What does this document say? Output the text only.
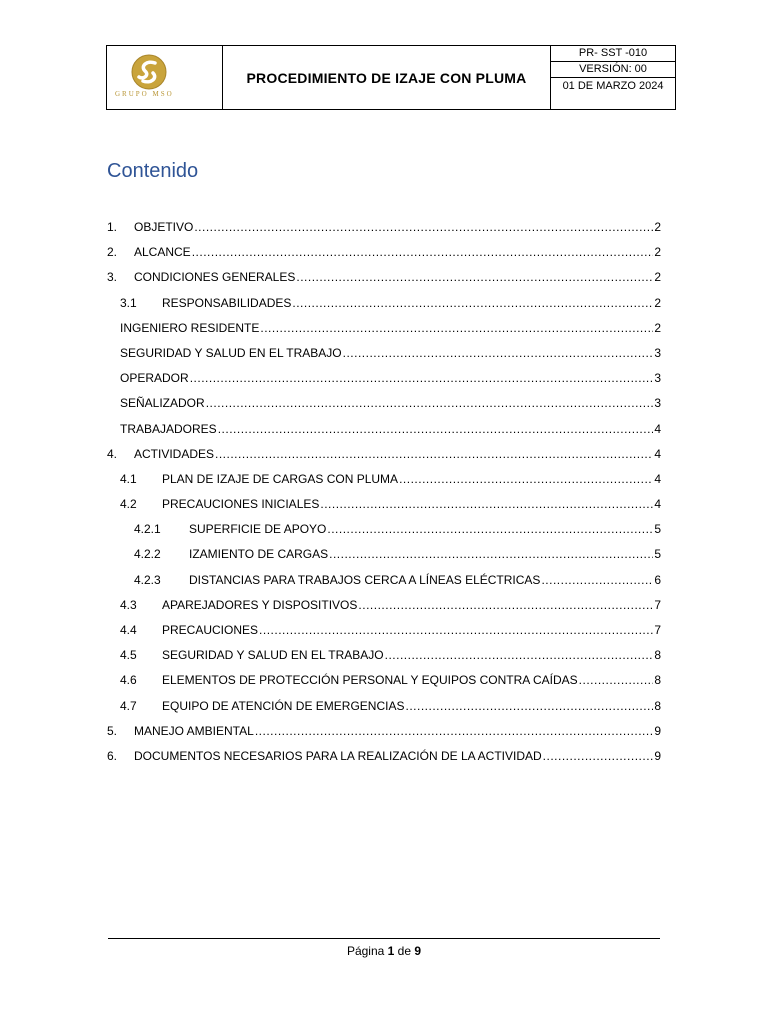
GRUPO MSO
PROCEDIMIENTO DE IZAJE CON PLUMA
PR- SST -010
VERSIÓN: 00
01 DE MARZO 2024
Contenido
1.	OBJETIVO .....	2
2.	ALCANCE .....	2
3.	CONDICIONES GENERALES .....	2
3.1	RESPONSABILIDADES .....	2
INGENIERO RESIDENTE .....	2
SEGURIDAD Y SALUD EN EL TRABAJO .....	3
OPERADOR .....	3
SEÑALIZADOR .....	3
TRABAJADORES .....	4
4.	ACTIVIDADES .....	4
4.1	PLAN DE IZAJE DE CARGAS CON PLUMA .....	4
4.2	PRECAUCIONES INICIALES .....	4
4.2.1	SUPERFICIE DE APOYO .....	5
4.2.2	IZAMIENTO DE CARGAS .....	5
4.2.3	DISTANCIAS PARA TRABAJOS CERCA A LÍNEAS ELÉCTRICAS .....	6
4.3	APAREJADORES Y DISPOSITIVOS .....	7
4.4	PRECAUCIONES .....	7
4.5	SEGURIDAD Y SALUD EN EL TRABAJO .....	8
4.6	ELEMENTOS DE PROTECCIÓN PERSONAL Y EQUIPOS CONTRA CAÍDAS .....	8
4.7	EQUIPO DE ATENCIÓN DE EMERGENCIAS .....	8
5.	MANEJO AMBIENTAL .....	9
6.	DOCUMENTOS NECESARIOS PARA LA REALIZACIÓN DE LA ACTIVIDAD .....	9
Página 1 de 9
